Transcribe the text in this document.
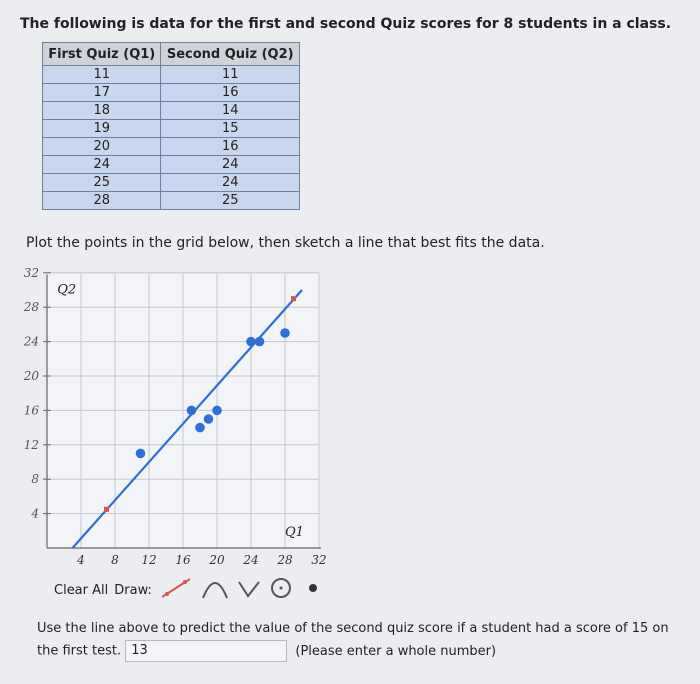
The following is data for the first and second Quiz scores for 8 students in a class.
First Quiz (Q1)	Second Quiz (Q2)
11	11
17	16
18	14
19	15
20	16
24	24
25	24
28	25
Plot the points in the grid below, then sketch a line that best fits the data.
4 8 12 16 20 24 28 32
4
8
12
16
20
24
28
32
Q1
Q2
Clear All Draw:
Use the line above to predict the value of the second quiz score if a student had a score of 15 on the first test. 13	(Please enter a whole number)
